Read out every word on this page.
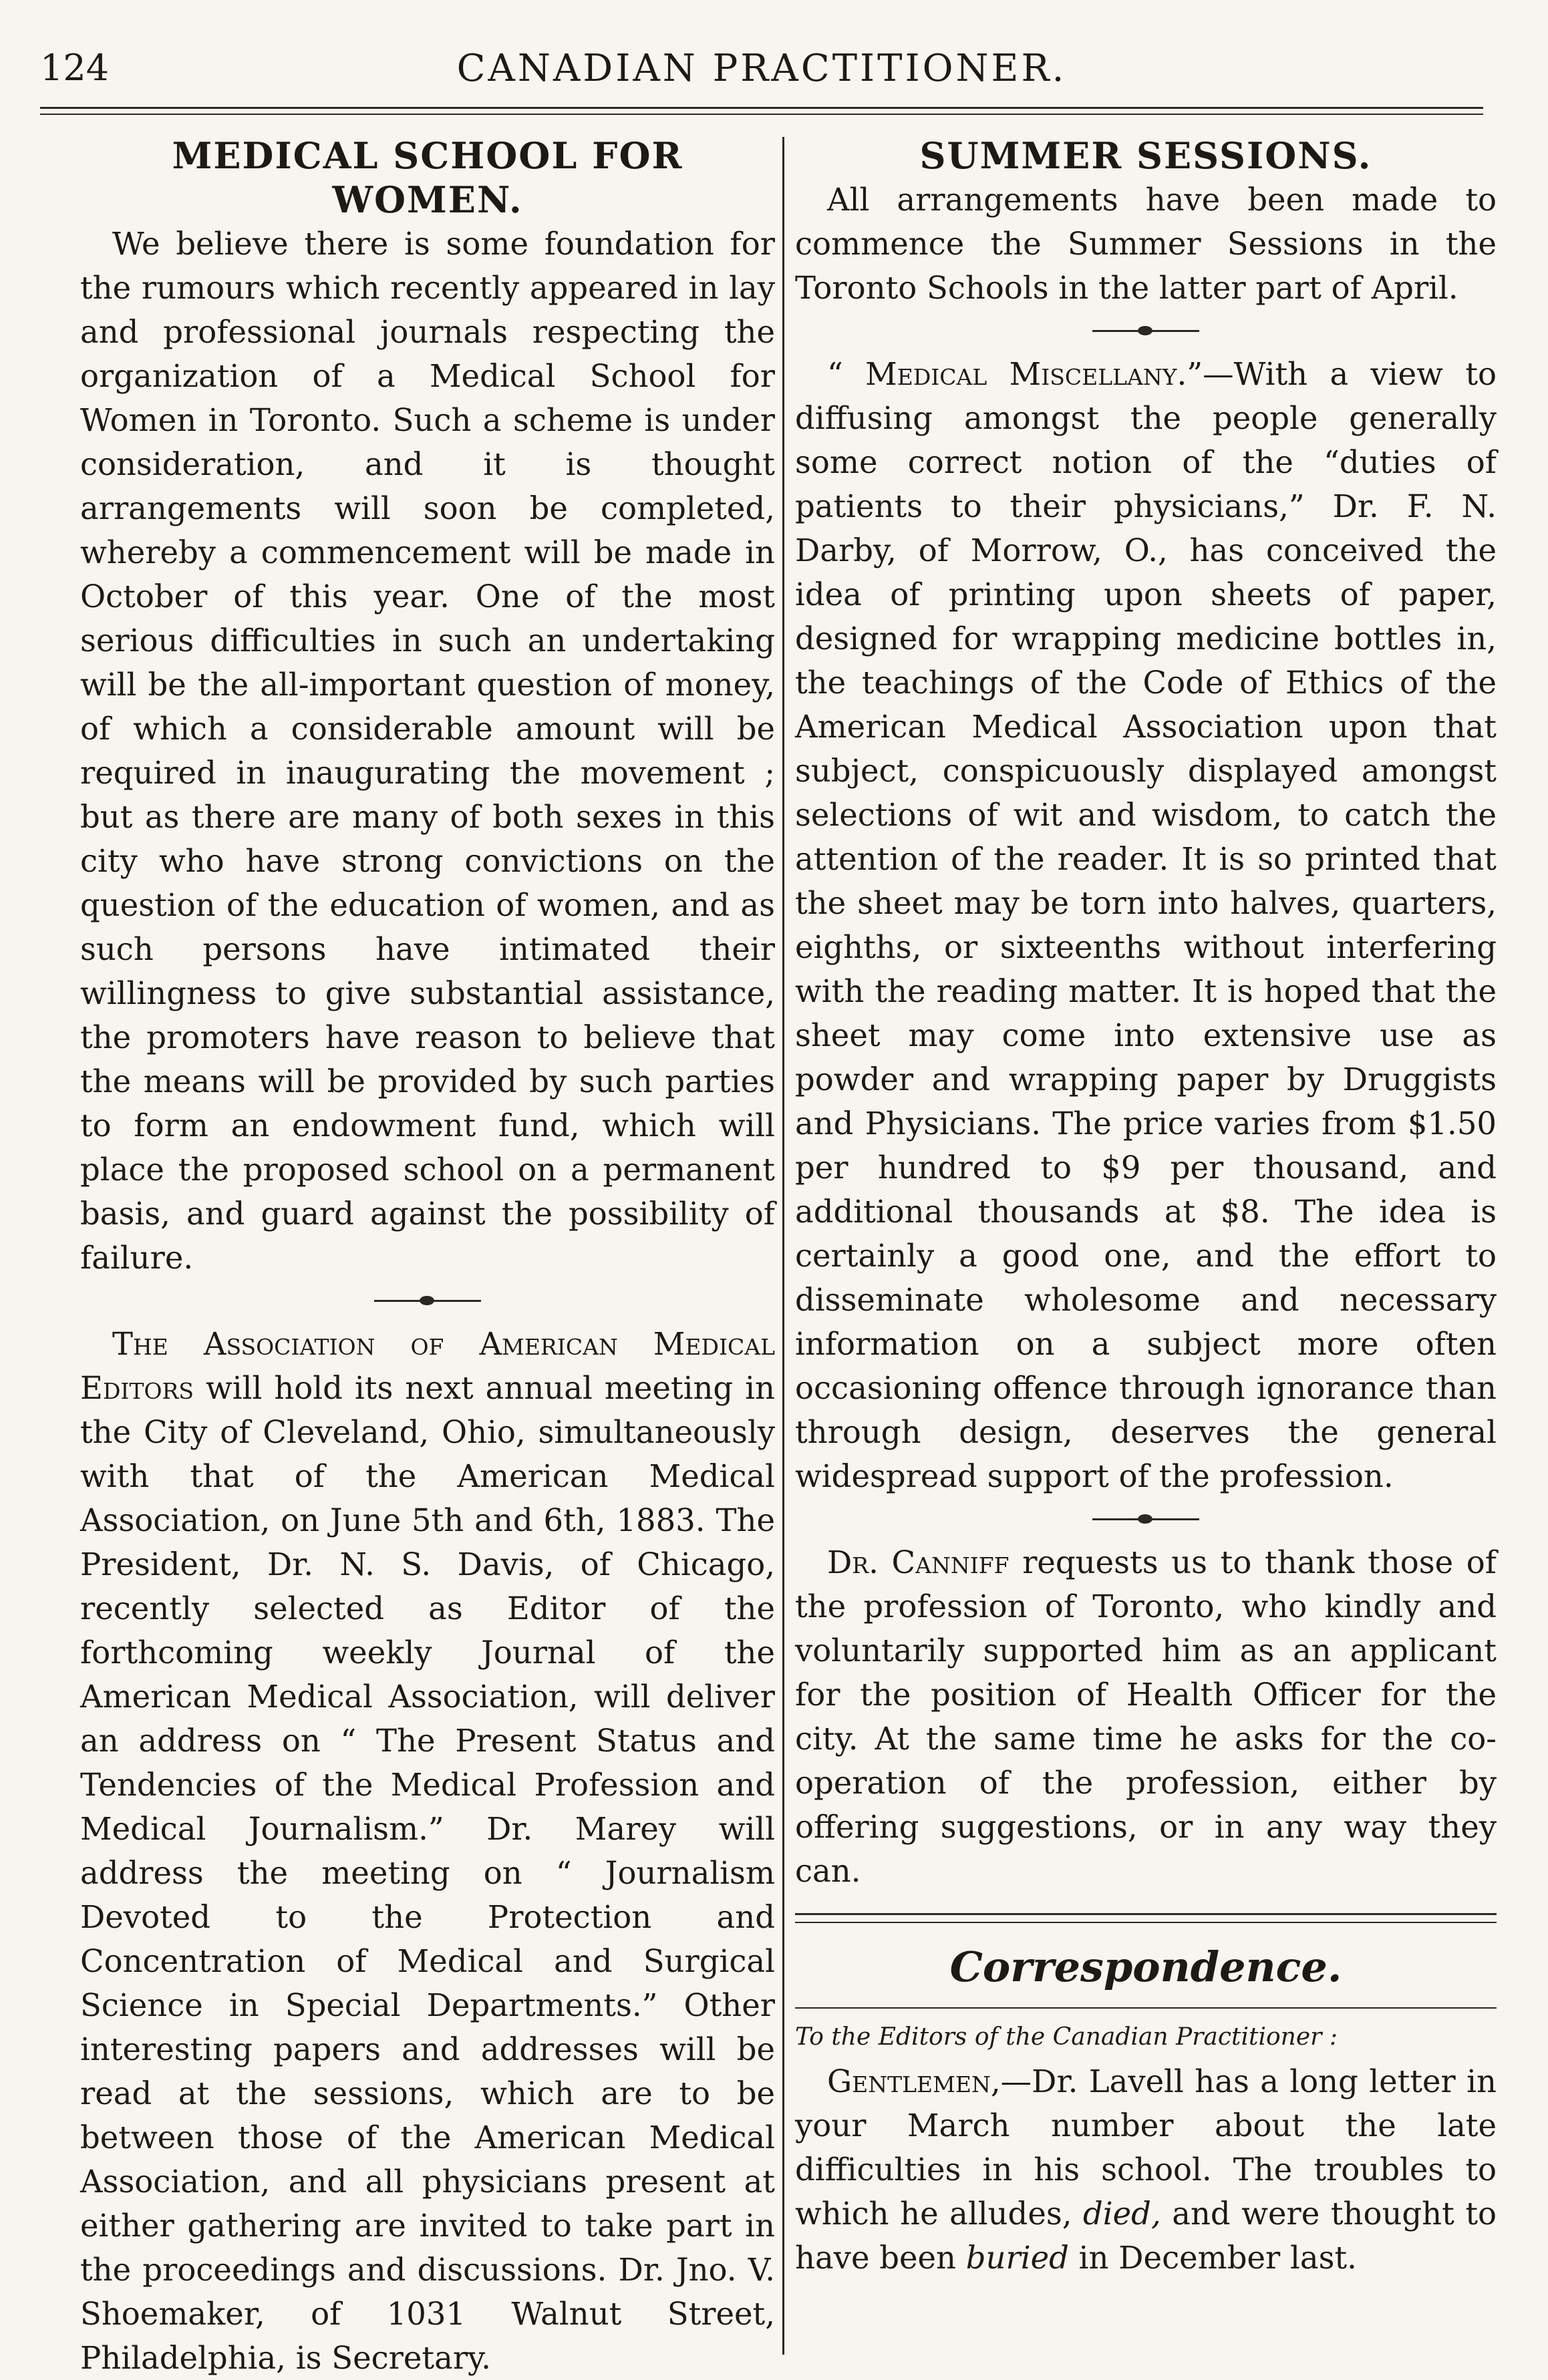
124	CANADIAN PRACTITIONER.
MEDICAL SCHOOL FOR WOMEN.

We believe there is some foundation for the rumours which recently appeared in lay and professional journals respecting the organization of a Medical School for Women in Toronto. Such a scheme is under consideration, and it is thought arrangements will soon be completed, whereby a commencement will be made in October of this year. One of the most serious difficulties in such an undertaking will be the all-important question of money, of which a considerable amount will be required in inaugurating the movement ; but as there are many of both sexes in this city who have strong convictions on the question of the education of women, and as such persons have intimated their willingness to give substantial assistance, the promoters have reason to believe that the means will be provided by such parties to form an endowment fund, which will place the proposed school on a permanent basis, and guard against the possibility of failure.

The Association of American Medical Editors will hold its next annual meeting in the City of Cleveland, Ohio, simultaneously with that of the American Medical Association, on June 5th and 6th, 1883. The President, Dr. N. S. Davis, of Chicago, recently selected as Editor of the forthcoming weekly Journal of the American Medical Association, will deliver an address on “ The Present Status and Tendencies of the Medical Profession and Medical Journalism.” Dr. Marey will address the meeting on “ Journalism Devoted to the Protection and Concentration of Medical and Surgical Science in Special Departments.” Other interesting papers and addresses will be read at the sessions, which are to be between those of the American Medical Association, and all physicians present at either gathering are invited to take part in the proceedings and discussions. Dr. Jno. V. Shoemaker, of 1031 Walnut Street, Philadelphia, is Secretary.

SUMMER SESSIONS.

All arrangements have been made to commence the Summer Sessions in the Toronto Schools in the latter part of April.

“ Medical Miscellany.”—With a view to diffusing amongst the people generally some correct notion of the “duties of patients to their physicians,” Dr. F. N. Darby, of Morrow, O., has conceived the idea of printing upon sheets of paper, designed for wrapping medicine bottles in, the teachings of the Code of Ethics of the American Medical Association upon that subject, conspicuously displayed amongst selections of wit and wisdom, to catch the attention of the reader. It is so printed that the sheet may be torn into halves, quarters, eighths, or sixteenths without interfering with the reading matter. It is hoped that the sheet may come into extensive use as powder and wrapping paper by Druggists and Physicians. The price varies from $1.50 per hundred to $9 per thousand, and additional thousands at $8. The idea is certainly a good one, and the effort to disseminate wholesome and necessary information on a subject more often occasioning offence through ignorance than through design, deserves the general widespread support of the profession.

Dr. Canniff requests us to thank those of the profession of Toronto, who kindly and voluntarily supported him as an applicant for the position of Health Officer for the city. At the same time he asks for the co-operation of the profession, either by offering suggestions, or in any way they can.

Correspondence.
To the Editors of the Canadian Practitioner :

Gentlemen,—Dr. Lavell has a long letter in your March number about the late difficulties in his school. The troubles to which he alludes, died, and were thought to have been buried in December last.
